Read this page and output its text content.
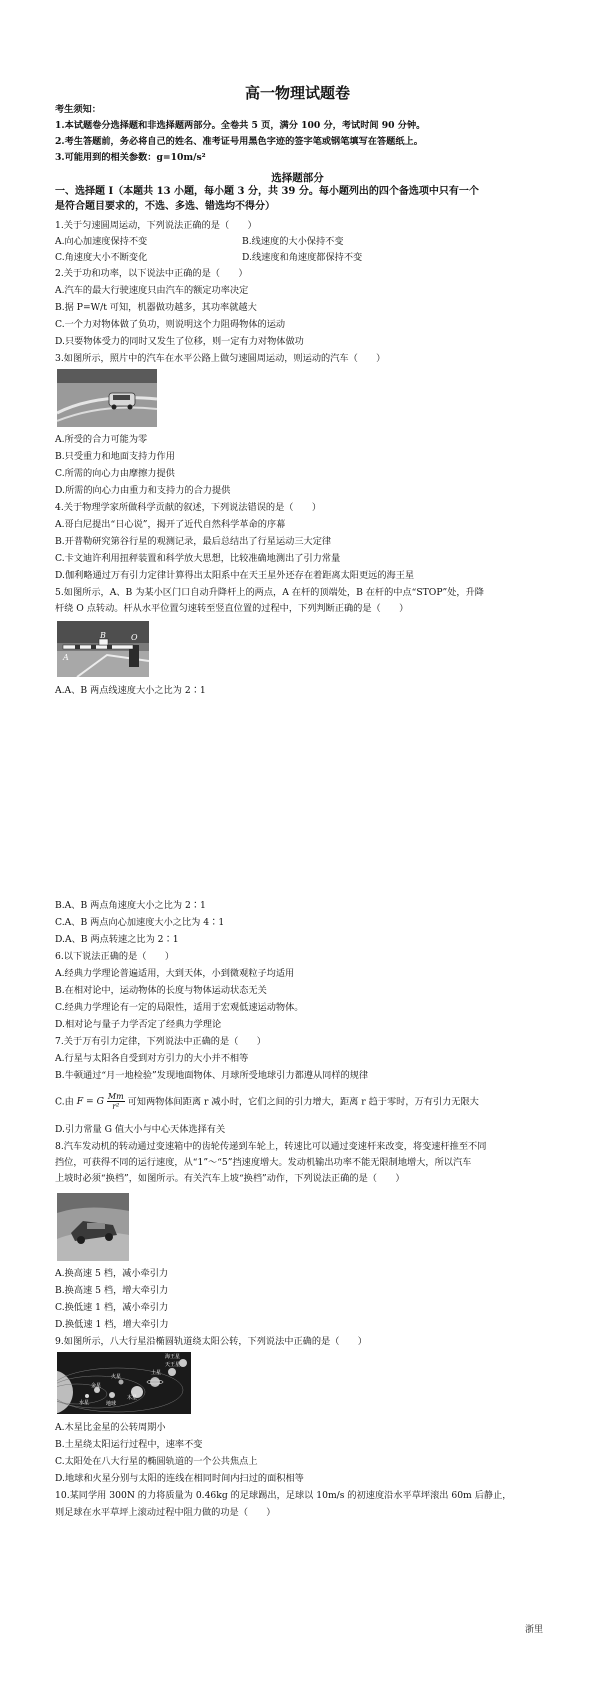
高一物理试题卷
考生须知：
1.本试题卷分选择题和非选择题两部分。全卷共 5 页，满分 100 分，考试时间 90 分钟。
2.考生答题前，务必将自己的姓名、准考证号用黑色字迹的签字笔或钢笔填写在答题纸上。
3.可能用到的相关参数：g=10m/s²
选择题部分
一、选择题 I（本题共 13 小题，每小题 3 分，共 39 分。每小题列出的四个备选项中只有一个
是符合题目要求的，不选、多选、错选均不得分）
1.关于匀速圆周运动，下列说法正确的是（　　）
A.向心加速度保持不变	B.线速度的大小保持不变
C.角速度大小不断变化	D.线速度和角速度都保持不变
2.关于功和功率，以下说法中正确的是（　　）
A.汽车的最大行驶速度只由汽车的额定功率决定
B.据 P=W/t 可知，机器做功越多，其功率就越大
C.一个力对物体做了负功，则说明这个力阻碍物体的运动
D.只要物体受力的同时又发生了位移，则一定有力对物体做功
3.如图所示，照片中的汽车在水平公路上做匀速圆周运动，则运动的汽车（　　）
A.所受的合力可能为零
B.只受重力和地面支持力作用
C.所需的向心力由摩擦力提供
D.所需的向心力由重力和支持力的合力提供
4.关于物理学家所做科学贡献的叙述，下列说法错误的是（　　）
A.哥白尼提出“日心说”，揭开了近代自然科学革命的序幕
B.开普勒研究第谷行星的观测记录，最后总结出了行星运动三大定律
C.卡文迪许利用扭秤装置和科学放大思想，比较准确地测出了引力常量
D.伽利略通过万有引力定律计算得出太阳系中在天王星外还存在着距离太阳更远的海王星
5.如图所示，A、B 为某小区门口自动升降杆上的两点，A 在杆的顶端处，B 在杆的中点“STOP”处，升降
杆绕 O 点转动。杆从水平位置匀速转至竖直位置的过程中，下列判断正确的是（　　）
A
B	O
A.A、B 两点线速度大小之比为 2∶1
B.A、B 两点角速度大小之比为 2∶1
C.A、B 两点向心加速度大小之比为 4∶1
D.A、B 两点转速之比为 2∶1
6.以下说法正确的是（　　）
A.经典力学理论普遍适用，大到天体，小到微观粒子均适用
B.在相对论中，运动物体的长度与物体运动状态无关
C.经典力学理论有一定的局限性，适用于宏观低速运动物体。
D.相对论与量子力学否定了经典力学理论
7.关于万有引力定律，下列说法中正确的是（　　）
A.行星与太阳各自受到对方引力的大小并不相等
B.牛顿通过“月一地检验”发现地面物体、月球所受地球引力都遵从同样的规律
C.由 F = G $\frac{Mm}{\text{r²}}$ 可知两物体间距离 r 减小时，它们之间的引力增大，距离 r 趋于零时，万有引力无限大
D.引力常量 G 值大小与中心天体选择有关
8.汽车发动机的转动通过变速箱中的齿轮传递到车轮上，转速比可以通过变速杆来改变，将变速杆推至不同
挡位，可获得不同的运行速度，从“1”～“5”挡速度增大。发动机输出功率不能无限制地增大，所以汽车
上坡时必须“换档”，如图所示。有关汽车上坡“换档”动作，下列说法正确的是（　　）
A.换高速 5 档，减小牵引力
B.换高速 5 档，增大牵引力
C.换低速 1 档，减小牵引力
D.换低速 1 档，增大牵引力
9.如图所示，八大行星沿椭圆轨道绕太阳公转，下列说法中正确的是（　　）
海王星
天王星
土星
木星
火星
金星
地球
水星
A.木星比金星的公转周期小
B.土星绕太阳运行过程中，速率不变
C.太阳处在八大行星的椭圆轨道的一个公共焦点上
D.地球和火星分别与太阳的连线在相同时间内扫过的面积相等
10.某同学用 300N 的力将质量为 0.46kg 的足球踢出，足球以 10m/s 的初速度沿水平草坪滚出 60m 后静止，
则足球在水平草坪上滚动过程中阻力做的功是（　　）
浙里
